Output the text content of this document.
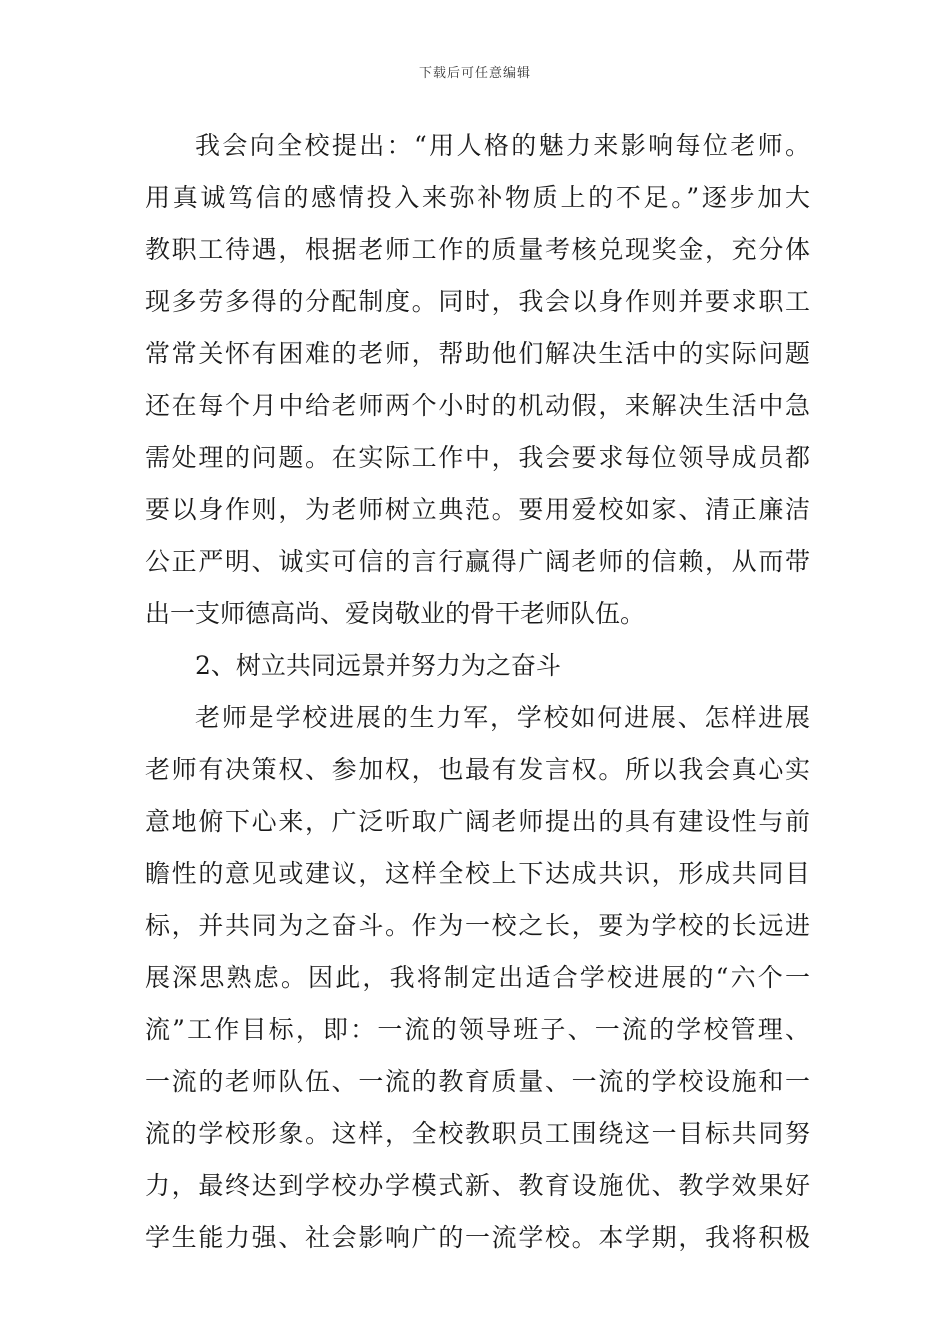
下载后可任意编辑
我会向全校提出：“用人格的魅力来影响每位老师。
用真诚笃信的感情投入来弥补物质上的不足。”逐步加大
教职工待遇，根据老师工作的质量考核兑现奖金，充分体
现多劳多得的分配制度。同时，我会以身作则并要求职工
常常关怀有困难的老师，帮助他们解决生活中的实际问题
还在每个月中给老师两个小时的机动假，来解决生活中急
需处理的问题。在实际工作中，我会要求每位领导成员都
要以身作则，为老师树立典范。要用爱校如家、清正廉洁
公正严明、诚实可信的言行赢得广阔老师的信赖，从而带
出一支师德高尚、爱岗敬业的骨干老师队伍。
2、树立共同远景并努力为之奋斗
老师是学校进展的生力军，学校如何进展、怎样进展
老师有决策权、参加权，也最有发言权。所以我会真心实
意地俯下心来，广泛听取广阔老师提出的具有建设性与前
瞻性的意见或建议，这样全校上下达成共识，形成共同目
标，并共同为之奋斗。作为一校之长，要为学校的长远进
展深思熟虑。因此，我将制定出适合学校进展的“六个一
流”工作目标，即：一流的领导班子、一流的学校管理、
一流的老师队伍、一流的教育质量、一流的学校设施和一
流的学校形象。这样，全校教职员工围绕这一目标共同努
力，最终达到学校办学模式新、教育设施优、教学效果好
学生能力强、社会影响广的一流学校。本学期，我将积极
